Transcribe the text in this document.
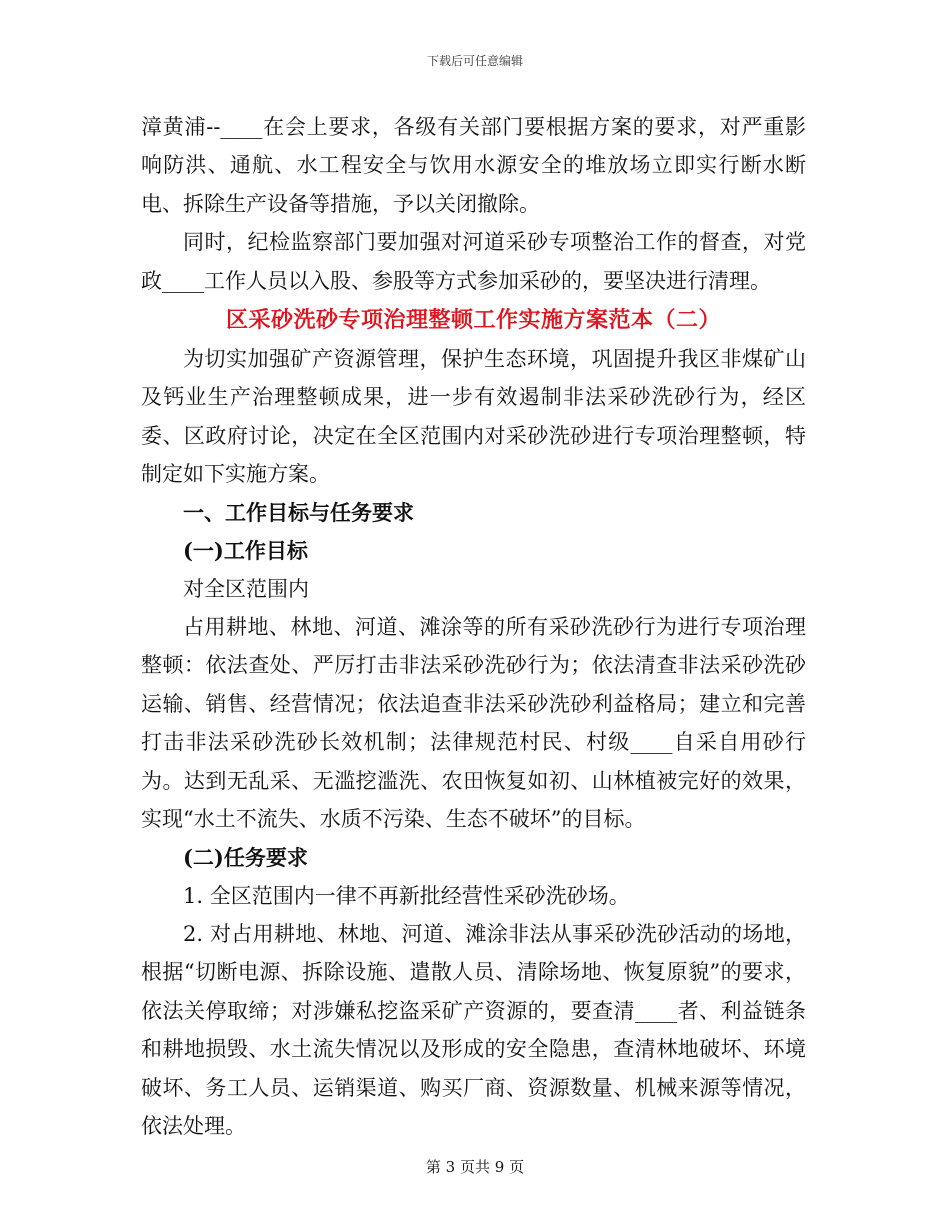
下载后可任意编辑

漳黄浦--____在会上要求，各级有关部门要根据方案的要求，对严重影响防洪、通航、水工程安全与饮用水源安全的堆放场立即实行断水断电、拆除生产设备等措施，予以关闭撤除。

同时，纪检监察部门要加强对河道采砂专项整治工作的督查，对党政____工作人员以入股、参股等方式参加采砂的，要坚决进行清理。

区采砂洗砂专项治理整顿工作实施方案范本（二）

为切实加强矿产资源管理，保护生态环境，巩固提升我区非煤矿山及钙业生产治理整顿成果，进一步有效遏制非法采砂洗砂行为，经区委、区政府讨论，决定在全区范围内对采砂洗砂进行专项治理整顿，特制定如下实施方案。

一、工作目标与任务要求

(一)工作目标

对全区范围内

占用耕地、林地、河道、滩涂等的所有采砂洗砂行为进行专项治理整顿：依法查处、严厉打击非法采砂洗砂行为；依法清查非法采砂洗砂运输、销售、经营情况；依法追查非法采砂洗砂利益格局；建立和完善打击非法采砂洗砂长效机制；法律规范村民、村级____自采自用砂行为。达到无乱采、无滥挖滥洗、农田恢复如初、山林植被完好的效果，实现“水土不流失、水质不污染、生态不破坏”的目标。

(二)任务要求

1. 全区范围内一律不再新批经营性采砂洗砂场。

2. 对占用耕地、林地、河道、滩涂非法从事采砂洗砂活动的场地，根据“切断电源、拆除设施、遣散人员、清除场地、恢复原貌”的要求，依法关停取缔；对涉嫌私挖盗采矿产资源的，要查清____者、利益链条和耕地损毁、水土流失情况以及形成的安全隐患，查清林地破坏、环境破坏、务工人员、运销渠道、购买厂商、资源数量、机械来源等情况，依法处理。

第 3 页共 9 页
